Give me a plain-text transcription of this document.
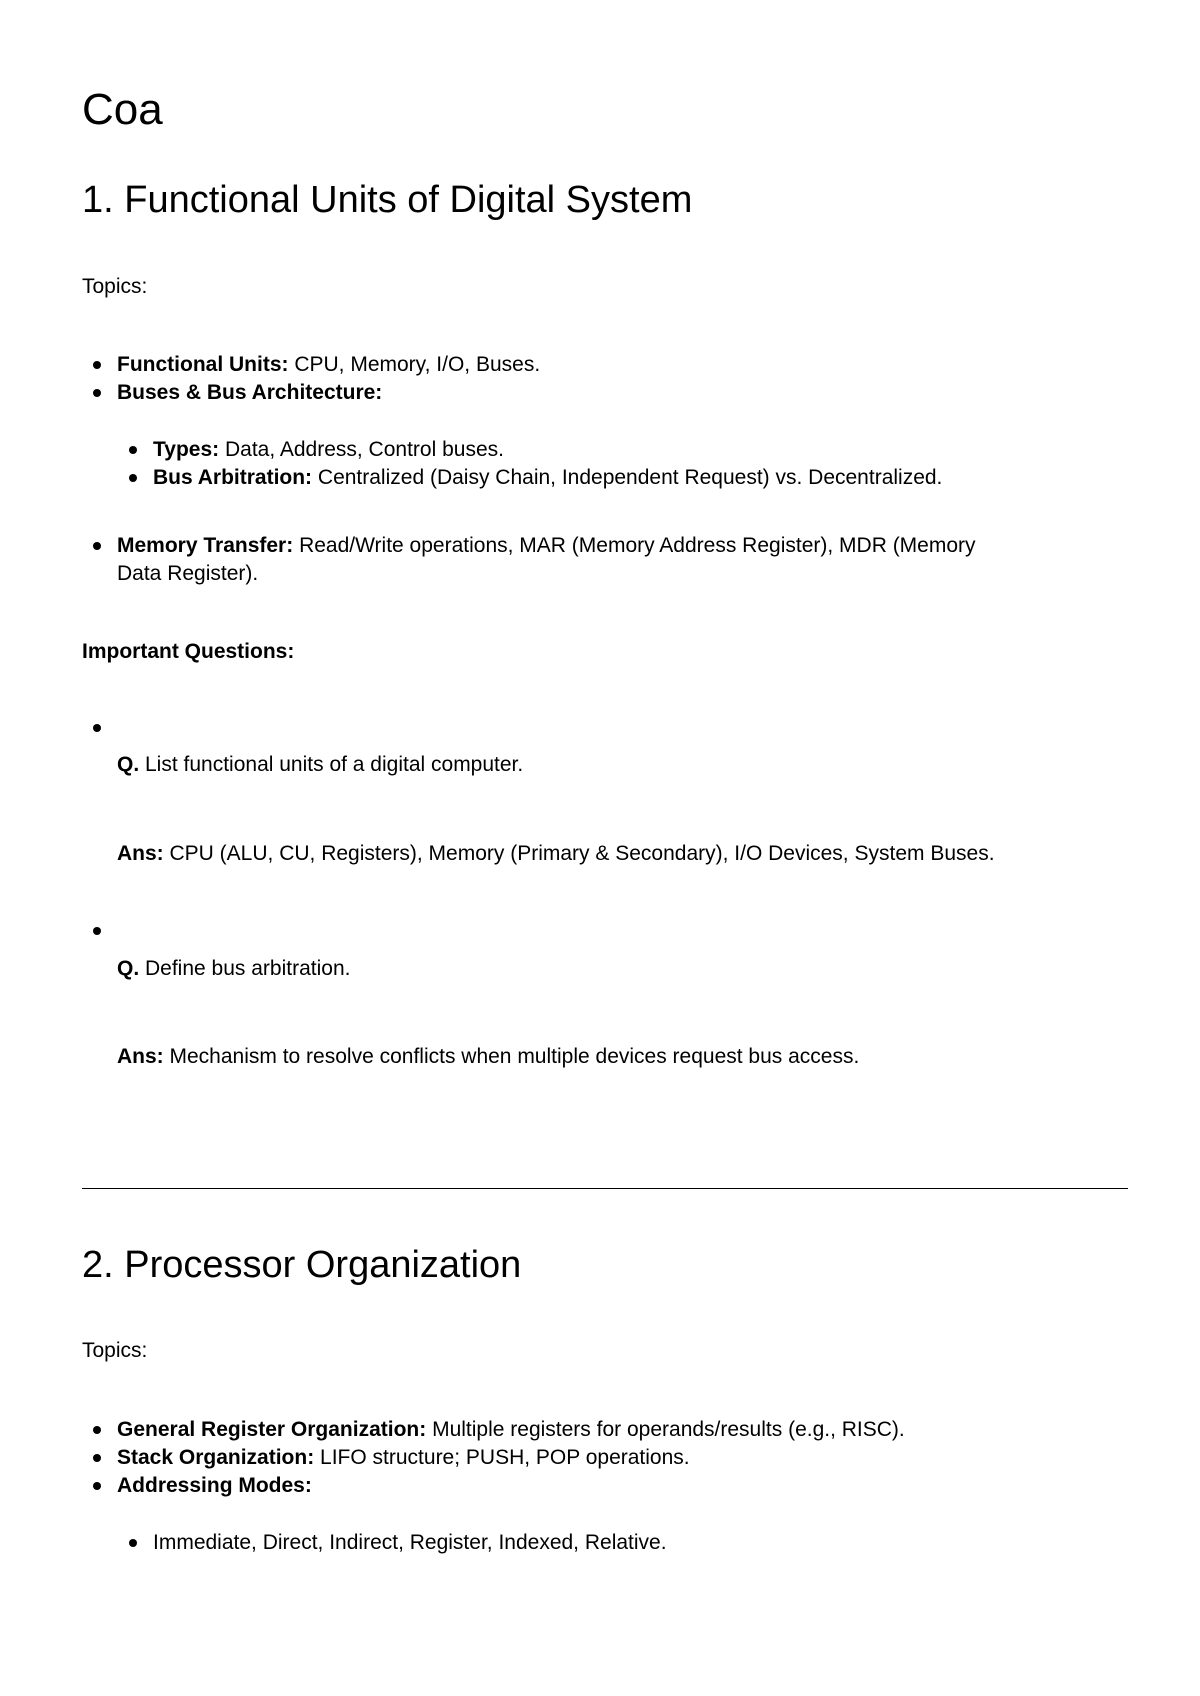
Coa
1. Functional Units of Digital System

Topics:

Functional Units: CPU, Memory, I/O, Buses.
Buses & Bus Architecture:
Types: Data, Address, Control buses.
Bus Arbitration: Centralized (Daisy Chain, Independent Request) vs. Decentralized.
Memory Transfer: Read/Write operations, MAR (Memory Address Register), MDR (Memory
Data Register).

Important Questions:

Q. List functional units of a digital computer.
Ans: CPU (ALU, CU, Registers), Memory (Primary & Secondary), I/O Devices, System Buses.
Q. Define bus arbitration.
Ans: Mechanism to resolve conflicts when multiple devices request bus access.
2. Processor Organization

Topics:

General Register Organization: Multiple registers for operands/results (e.g., RISC).
Stack Organization: LIFO structure; PUSH, POP operations.
Addressing Modes:
Immediate, Direct, Indirect, Register, Indexed, Relative.
